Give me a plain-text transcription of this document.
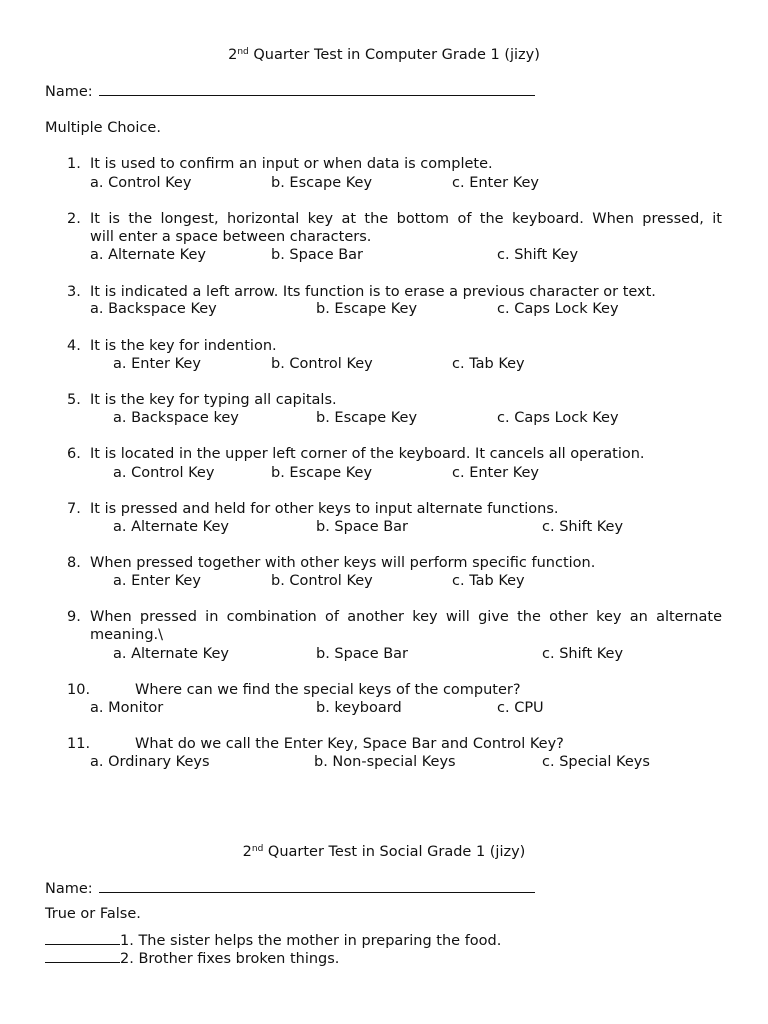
2nd Quarter Test in Computer Grade 1 (jizy)
Name:
Multiple Choice.
1. It is used to confirm an input or when data is complete.
a. Control Key	b. Escape Key	c. Enter Key
2. It is the longest, horizontal key at the bottom of the keyboard. When pressed, it
will enter a space between characters.
a. Alternate Key	b. Space Bar	c. Shift Key
3. It is indicated a left arrow. Its function is to erase a previous character or text.
a. Backspace Key	b. Escape Key	c. Caps Lock Key
4. It is the key for indention.
a. Enter Key	b. Control Key	c. Tab Key
5. It is the key for typing all capitals.
a. Backspace key	b. Escape Key	c. Caps Lock Key
6. It is located in the upper left corner of the keyboard. It cancels all operation.
a. Control Key	b. Escape Key	c. Enter Key
7. It is pressed and held for other keys to input alternate functions.
a. Alternate Key	b. Space Bar	c. Shift Key
8. When pressed together with other keys will perform specific function.
a. Enter Key	b. Control Key	c. Tab Key
9. When pressed in combination of another key will give the other key an alternate
meaning.\
a. Alternate Key	b. Space Bar	c. Shift Key
10.	Where can we find the special keys of the computer?
a. Monitor	b. keyboard	c. CPU
11.	What do we call the Enter Key, Space Bar and Control Key?
a. Ordinary Keys	b. Non-special Keys	c. Special Keys
2nd Quarter Test in Social Grade 1 (jizy)
Name:
True or False.
1. The sister helps the mother in preparing the food.
2. Brother fixes broken things.
